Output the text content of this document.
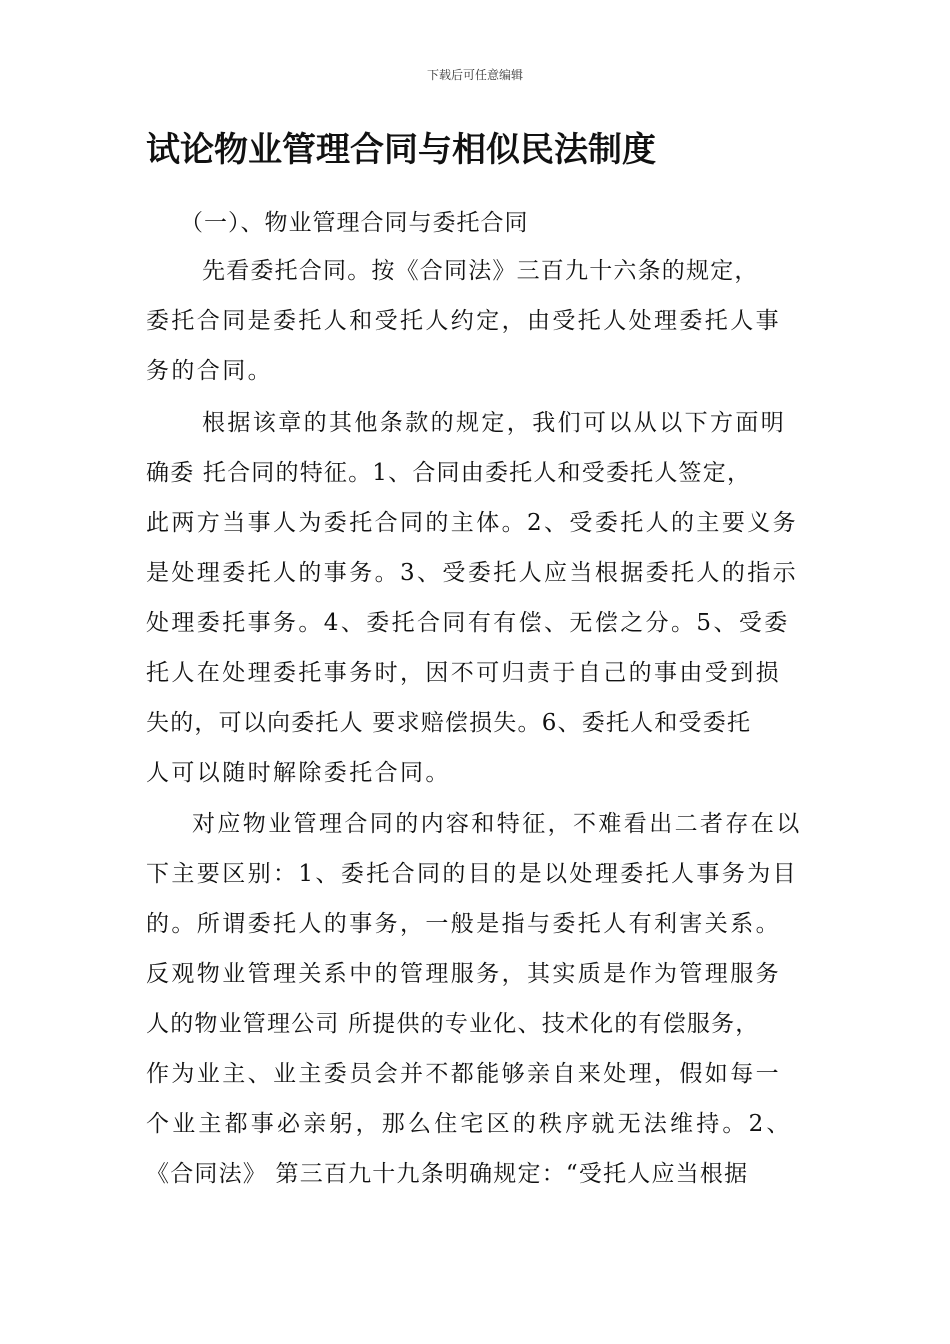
下载后可任意编辑
试论物业管理合同与相似民法制度
（一）、物业管理合同与委托合同
先看委托合同。按《合同法》三百九十六条的规定，
委托合同是委托人和受托人约定，由受托人处理委托人事
务的合同。
根据该章的其他条款的规定，我们可以从以下方面明
确委 托合同的特征。1、合同由委托人和受委托人签定，
此两方当事人为委托合同的主体。2、受委托人的主要义务
是处理委托人的事务。3、受委托人应当根据委托人的指示
处理委托事务。4、委托合同有有偿、无偿之分。5、受委
托人在处理委托事务时，因不可归责于自己的事由受到损
失的，可以向委托人 要求赔偿损失。6、委托人和受委托
人可以随时解除委托合同。
对应物业管理合同的内容和特征，不难看出二者存在以
下主要区别：1、委托合同的目的是以处理委托人事务为目
的。所谓委托人的事务，一般是指与委托人有利害关系。
反观物业管理关系中的管理服务，其实质是作为管理服务
人的物业管理公司 所提供的专业化、技术化的有偿服务，
作为业主、业主委员会并不都能够亲自来处理，假如每一
个业主都事必亲躬，那么住宅区的秩序就无法维持。2、
《合同法》 第三百九十九条明确规定：“受托人应当根据
